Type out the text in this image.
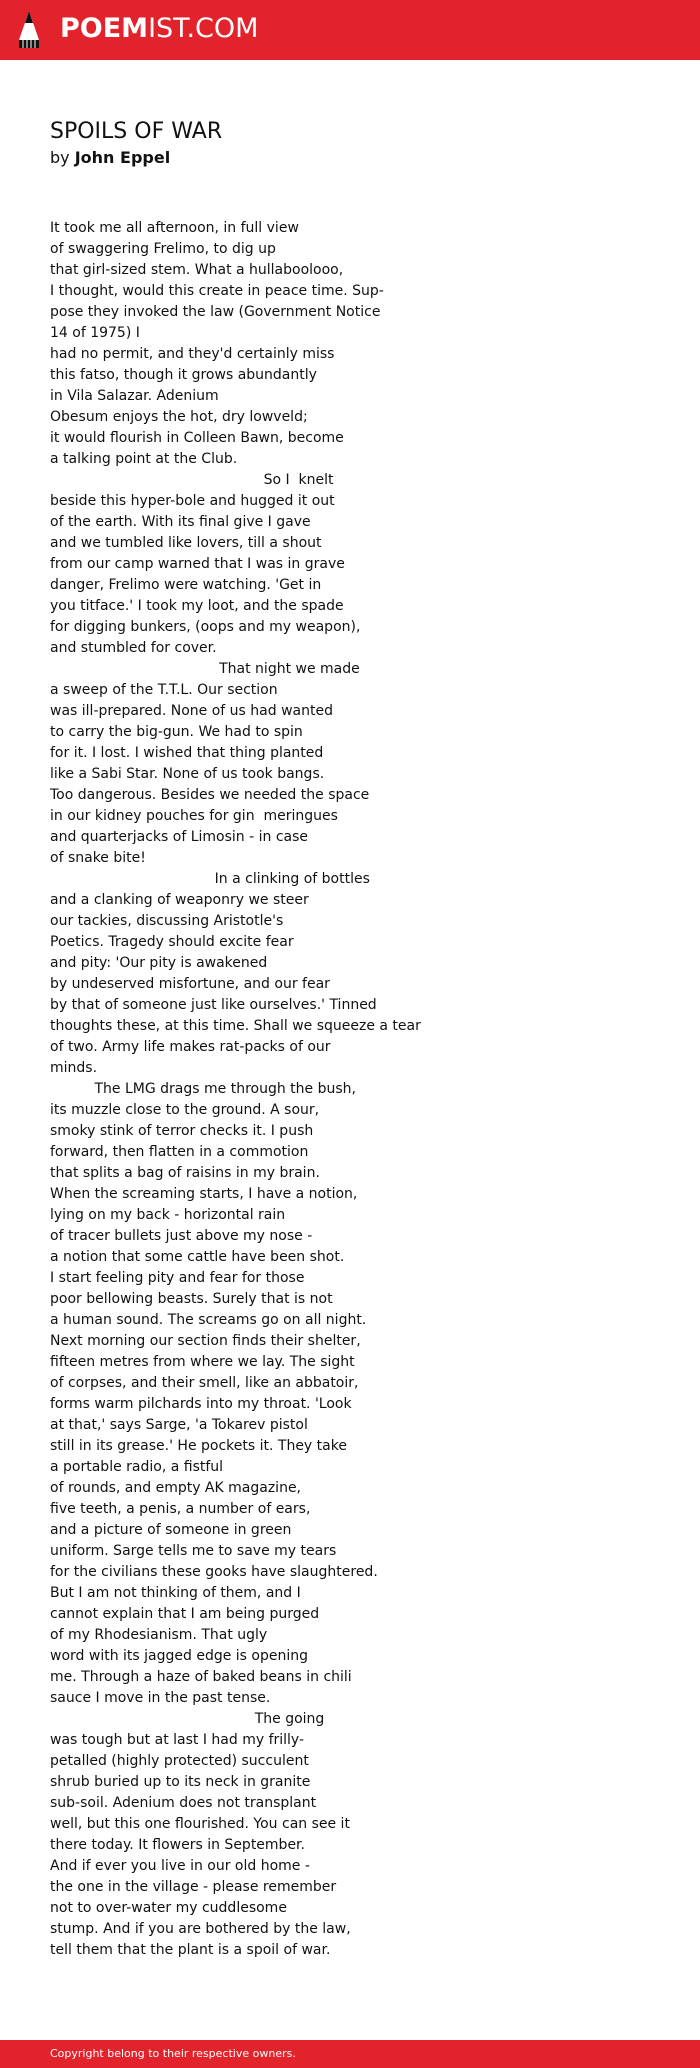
POEMIST.COM
SPOILS OF WAR
by John Eppel
It took me all afternoon, in full view
of swaggering Frelimo, to dig up
that girl-sized stem. What a hullaboolooo,
I thought, would this create in peace time. Sup-
pose they invoked the law (Government Notice
14 of 1975) I
had no permit, and they'd certainly miss
this fatso, though it grows abundantly
in Vila Salazar. Adenium
Obesum enjoys the hot, dry lowveld;
it would flourish in Colleen Bawn, become
a talking point at the Club.
So I  knelt
beside this hyper-bole and hugged it out
of the earth. With its final give I gave
and we tumbled like lovers, till a shout
from our camp warned that I was in grave
danger, Frelimo were watching. 'Get in
you titface.' I took my loot, and the spade
for digging bunkers, (oops and my weapon),
and stumbled for cover.
That night we made
a sweep of the T.T.L. Our section
was ill-prepared. None of us had wanted
to carry the big-gun. We had to spin
for it. I lost. I wished that thing planted
like a Sabi Star. None of us took bangs.
Too dangerous. Besides we needed the space
in our kidney pouches for gin  meringues
and quarterjacks of Limosin - in case
of snake bite!
In a clinking of bottles
and a clanking of weaponry we steer
our tackies, discussing Aristotle's
Poetics. Tragedy should excite fear
and pity: 'Our pity is awakened
by undeserved misfortune, and our fear
by that of someone just like ourselves.' Tinned
thoughts these, at this time. Shall we squeeze a tear
of two. Army life makes rat-packs of our
minds.
The LMG drags me through the bush,
its muzzle close to the ground. A sour,
smoky stink of terror checks it. I push
forward, then flatten in a commotion
that splits a bag of raisins in my brain.
When the screaming starts, I have a notion,
lying on my back - horizontal rain
of tracer bullets just above my nose -
a notion that some cattle have been shot.
I start feeling pity and fear for those
poor bellowing beasts. Surely that is not
a human sound. The screams go on all night.
Next morning our section finds their shelter,
fifteen metres from where we lay. The sight
of corpses, and their smell, like an abbatoir,
forms warm pilchards into my throat. 'Look
at that,' says Sarge, 'a Tokarev pistol
still in its grease.' He pockets it. They take
a portable radio, a fistful
of rounds, and empty AK magazine,
five teeth, a penis, a number of ears,
and a picture of someone in green
uniform. Sarge tells me to save my tears
for the civilians these gooks have slaughtered.
But I am not thinking of them, and I
cannot explain that I am being purged
of my Rhodesianism. That ugly
word with its jagged edge is opening
me. Through a haze of baked beans in chili
sauce I move in the past tense.
The going
was tough but at last I had my frilly-
petalled (highly protected) succulent
shrub buried up to its neck in granite
sub-soil. Adenium does not transplant
well, but this one flourished. You can see it
there today. It flowers in September.
And if ever you live in our old home -
the one in the village - please remember
not to over-water my cuddlesome
stump. And if you are bothered by the law,
tell them that the plant is a spoil of war.
Copyright belong to their respective owners.
